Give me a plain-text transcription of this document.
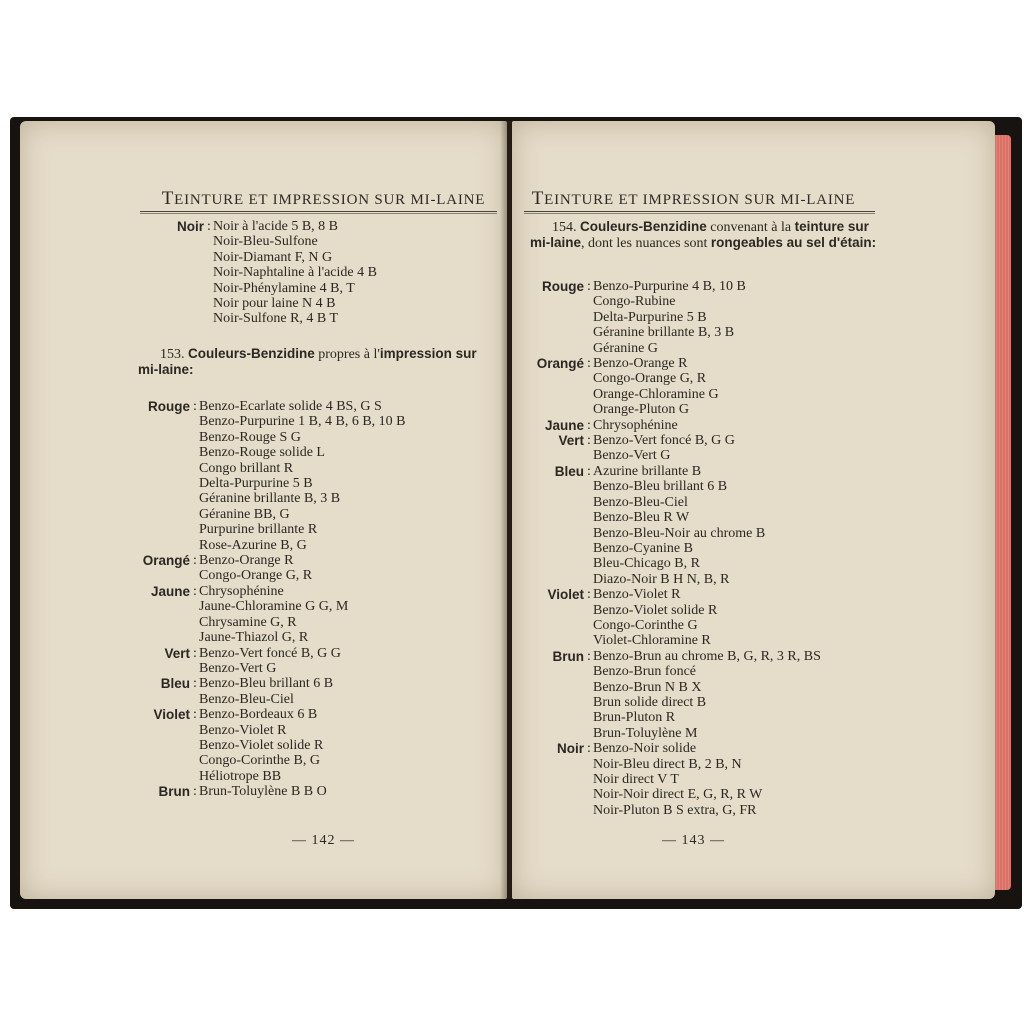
TEINTURE ET IMPRESSION SUR MI-LAINE
Noir : Noir à l'acide 5 B, 8 B
Noir-Bleu-Sulfone
Noir-Diamant F, N G
Noir-Naphtaline à l'acide 4 B
Noir-Phénylamine 4 B, T
Noir pour laine N 4 B
Noir-Sulfone R, 4 B T
153. Couleurs-Benzidine propres à l'impression sur mi-laine:
Rouge : Benzo-Ecarlate solide 4 BS, G S
Benzo-Purpurine 1 B, 4 B, 6 B, 10 B
Benzo-Rouge S G
Benzo-Rouge solide L
Congo brillant R
Delta-Purpurine 5 B
Géranine brillante B, 3 B
Géranine BB, G
Purpurine brillante R
Rose-Azurine B, G
Orangé : Benzo-Orange R
Congo-Orange G, R
Jaune : Chrysophénine
Jaune-Chloramine G G, M
Chrysamine G, R
Jaune-Thiazol G, R
Vert : Benzo-Vert foncé B, G G
Benzo-Vert G
Bleu : Benzo-Bleu brillant 6 B
Benzo-Bleu-Ciel
Violet : Benzo-Bordeaux 6 B
Benzo-Violet R
Benzo-Violet solide R
Congo-Corinthe B, G
Héliotrope BB
Brun : Brun-Toluylène B B O
— 142 —
TEINTURE ET IMPRESSION SUR MI-LAINE
154. Couleurs-Benzidine convenant à la teinture sur mi-laine, dont les nuances sont rongeables au sel d'étain:
Rouge : Benzo-Purpurine 4 B, 10 B
Congo-Rubine
Delta-Purpurine 5 B
Géranine brillante B, 3 B
Géranine G
Orangé : Benzo-Orange R
Congo-Orange G, R
Orange-Chloramine G
Orange-Pluton G
Jaune : Chrysophénine
Vert : Benzo-Vert foncé B, G G
Benzo-Vert G
Bleu : Azurine brillante B
Benzo-Bleu brillant 6 B
Benzo-Bleu-Ciel
Benzo-Bleu R W
Benzo-Bleu-Noir au chrome B
Benzo-Cyanine B
Bleu-Chicago B, R
Diazo-Noir B H N, B, R
Violet : Benzo-Violet R
Benzo-Violet solide R
Congo-Corinthe G
Violet-Chloramine R
Brun : Benzo-Brun au chrome B, G, R, 3 R, BS
Benzo-Brun foncé
Benzo-Brun N B X
Brun solide direct B
Brun-Pluton R
Brun-Toluylène M
Noir : Benzo-Noir solide
Noir-Bleu direct B, 2 B, N
Noir direct V T
Noir-Noir direct E, G, R, R W
Noir-Pluton B S extra, G, FR
— 143 —
